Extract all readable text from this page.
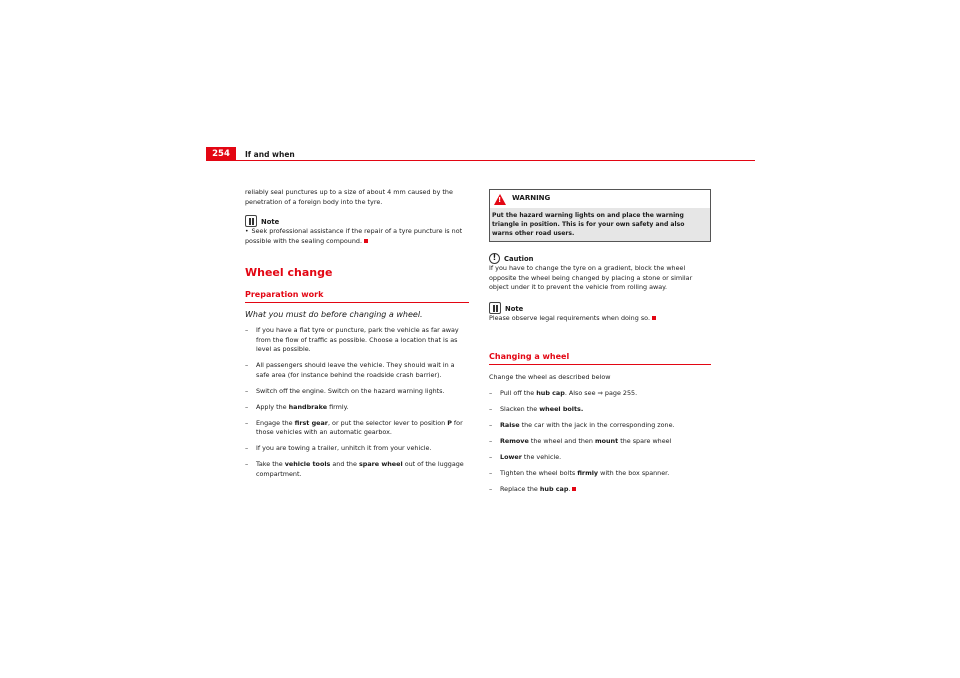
254	If and when

reliably seal punctures up to a size of about 4 mm caused by the penetration of a foreign body into the tyre.

Note

• Seek professional assistance if the repair of a tyre puncture is not possible with the sealing compound.

Wheel change
Preparation work
What you must do before changing a wheel.
– If you have a flat tyre or puncture, park the vehicle as far away from the flow of traffic as possible. Choose a location that is as level as possible.
– All passengers should leave the vehicle. They should wait in a safe area (for instance behind the roadside crash barrier).
– Switch off the engine. Switch on the hazard warning lights.
– Apply the handbrake firmly.
– Engage the first gear, or put the selector lever to position P for those vehicles with an automatic gearbox.
– If you are towing a trailer, unhitch it from your vehicle.
– Take the vehicle tools and the spare wheel out of the luggage compartment.
!
WARNING
Put the hazard warning lights on and place the warning triangle in position. This is for your own safety and also warns other road users.
!	Caution

If you have to change the tyre on a gradient, block the wheel opposite the wheel being changed by placing a stone or similar object under it to prevent the vehicle from rolling away.

Note

Please observe legal requirements when doing so.

Changing a wheel

Change the wheel as described below

– Pull off the hub cap. Also see ⇒ page 255.
– Slacken the wheel bolts.
– Raise the car with the jack in the corresponding zone.
– Remove the wheel and then mount the spare wheel
– Lower the vehicle.
– Tighten the wheel bolts firmly with the box spanner.
– Replace the hub cap.
